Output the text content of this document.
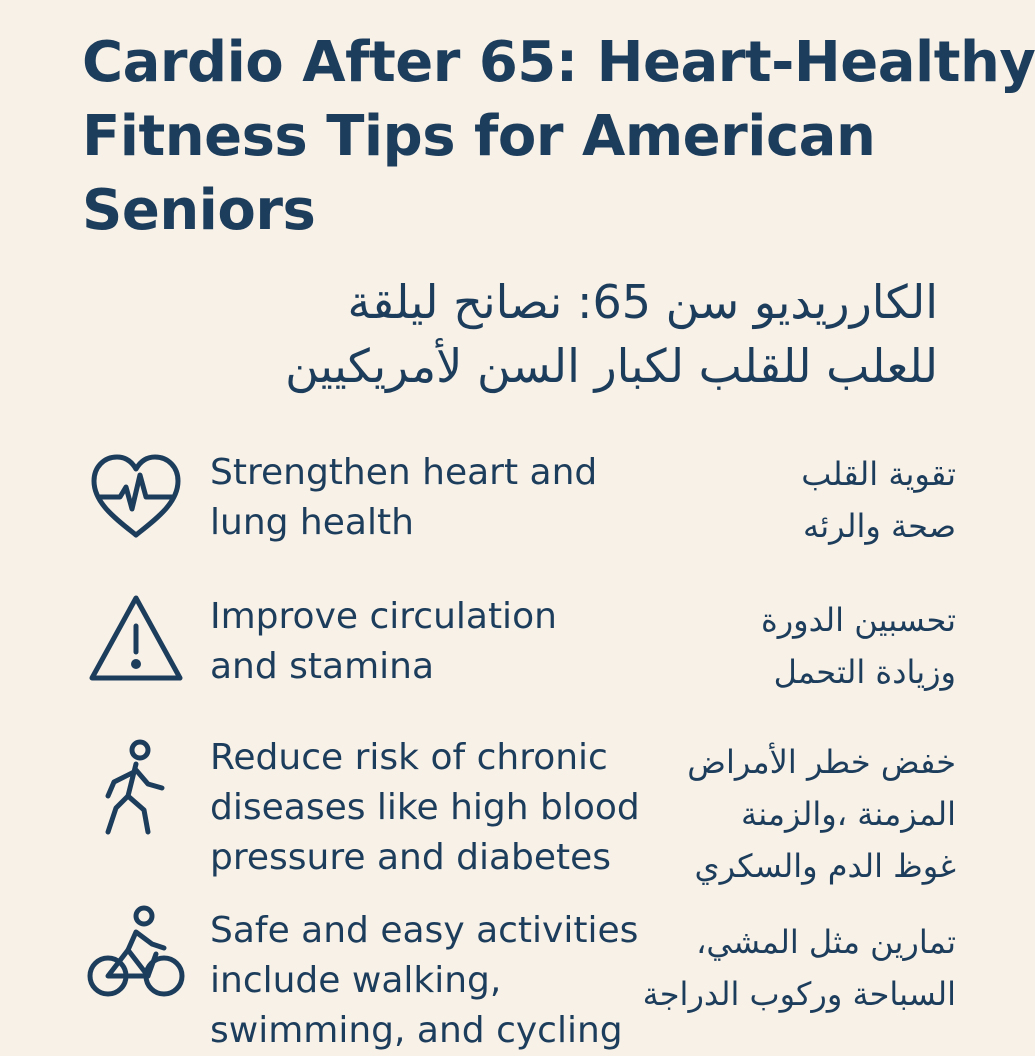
Cardio After 65: Heart-Healthy
Fitness Tips for American
Seniors
الكارريديو سن 65: نصانح ليلقة
للعلب للقلب لكبار السن لأمريكيين
Strengthen heart and
lung health
تقوية القلب
صحة والرئه
Improve circulation
and stamina
تحسبين الدورة
وزيادة التحمل
Reduce risk of chronic
diseases like high blood
pressure and diabetes
خفض خطر الأمراض
المزمنة ،والزمنة
غوظ الدم والسكري
Safe and easy activities
include walking,
swimming, and cycling
تمارين مثل المشي،
السباحة وركوب الدراجة
